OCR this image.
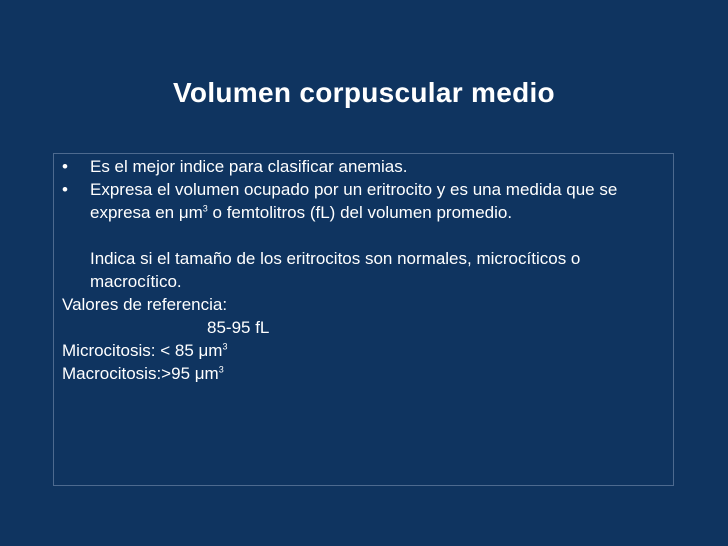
Volumen corpuscular medio
• Es el mejor indice para clasificar anemias.
• Expresa el volumen ocupado por un eritrocito y es una medida que se expresa en $\mu m^3$ o femtolitros (fL) del volumen promedio.
Indica si el tamaño de los eritrocitos son normales, microcíticos o macrocítico.
Valores de referencia:
85-95 fL
Microcitosis: < 85 $\mu m^3$
Macrocitosis:>95 $\mu m^3$
